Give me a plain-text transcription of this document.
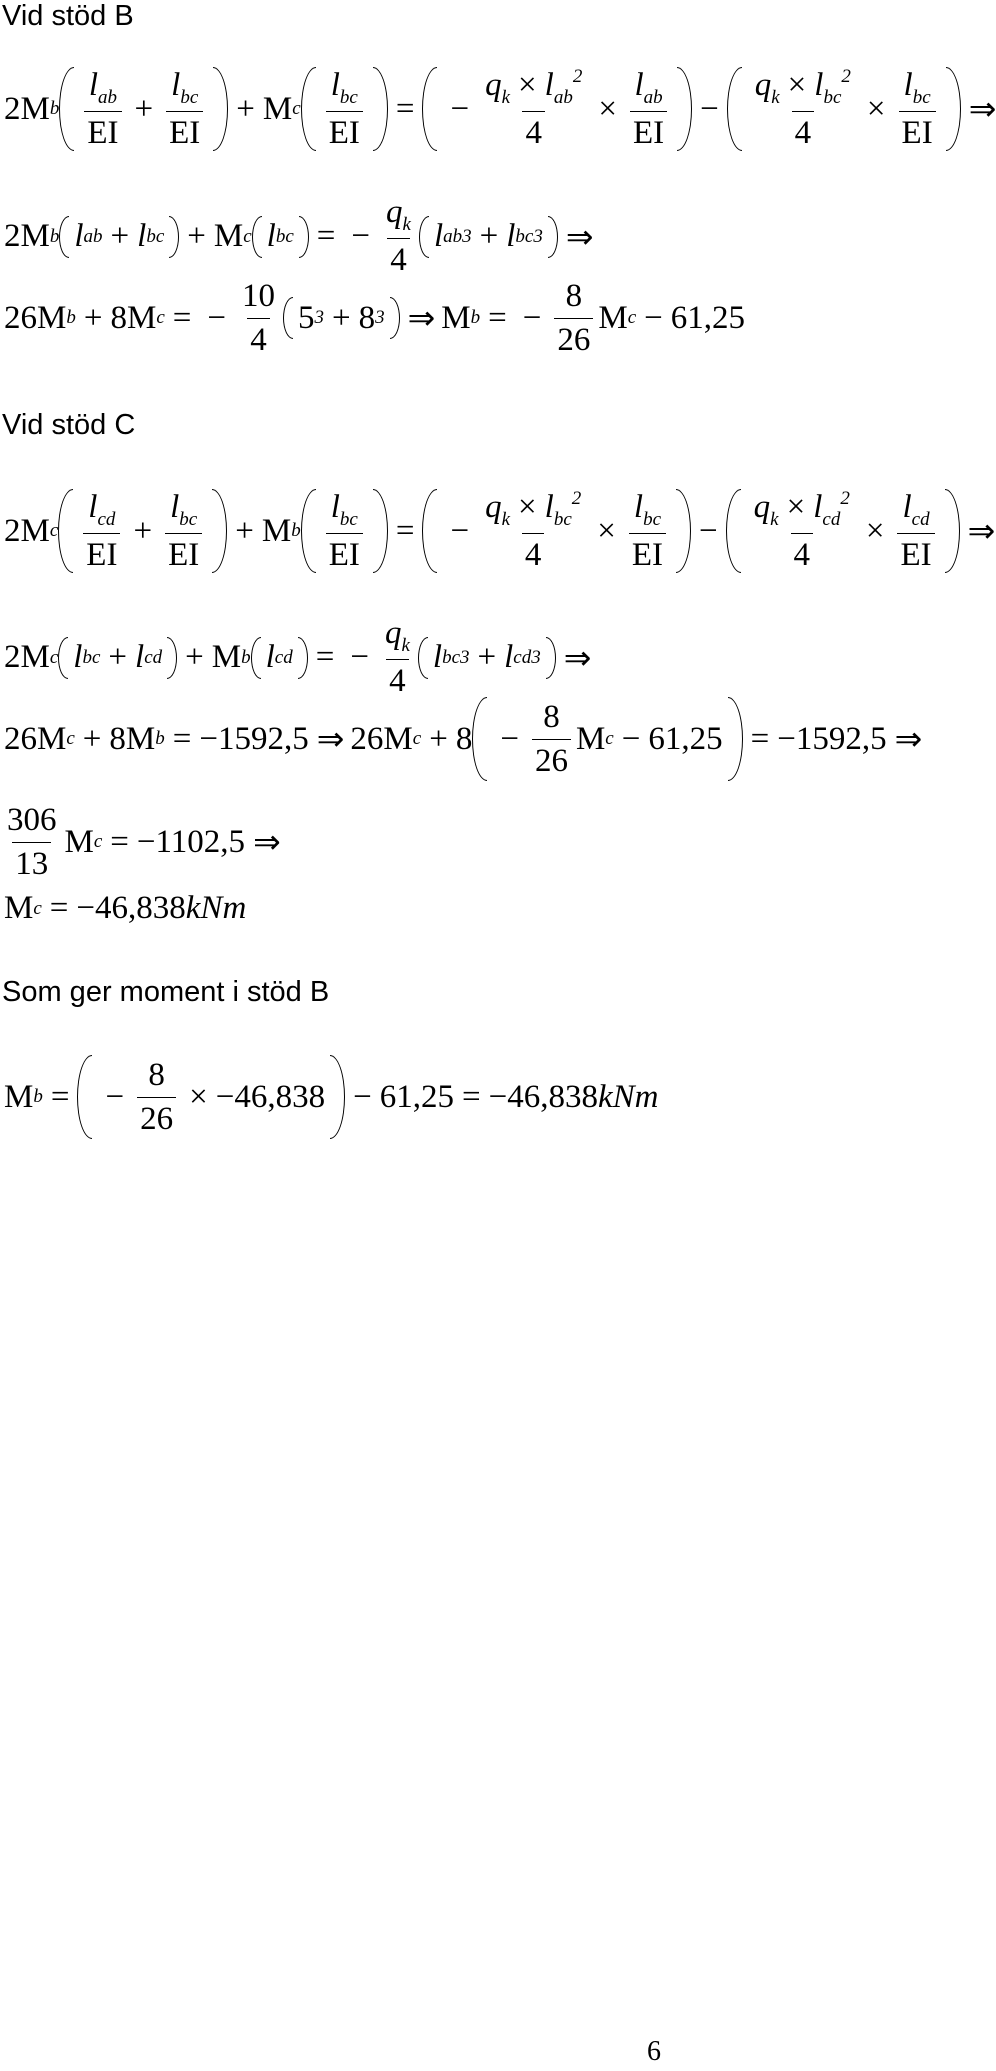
Vid stöd B
2M b $\frac{l_{ab}}{EI} + \frac{l_{bc}}{EI} + M$ c $\frac{l_{bc}}{EI}$ = − $\frac{q_k \times l_{ab}^2}{4} \times \frac{l_{ab}}{EI} - \frac{q_k \times l_{bc}^2}{4} \times \frac{l_{bc}}{EI}$ ⇒
2M b l ab + l bc + M c l bc = − $\frac{q_k}{4}$ l ab 3 + l bc 3 ⇒
26M b + 8M c = − $\frac{10}{4} 5$ 3 + 8 3 ⇒ M b = − $\frac{8}{26}$ M c − 61,25
Vid stöd C
2M c $\frac{l_{cd}}{EI} + \frac{l_{bc}}{EI} + M$ b $\frac{l_{bc}}{EI}$ = − $\frac{q_k \times l_{bc}^2}{4} \times \frac{l_{bc}}{EI} - \frac{q_k \times l_{cd}^2}{4} \times \frac{l_{cd}}{EI}$ ⇒
2M c l bc + l cd + M b l cd = − $\frac{q_k}{4}$ l bc 3 + l cd 3 ⇒
26M c + 8M b = − 1592,5 ⇒ 26M $c + 8 - \frac{8}{26}$ M c − 61,25 = − 1592,5 ⇒
$\frac{306}{13}$ M c = − 1102,5 ⇒
M c = − 46,838 kNm
Som ger moment i stöd B
M b = − $\frac{8}{26}$ × − 46,838 − 61,25 = − 46,838 kNm
6
